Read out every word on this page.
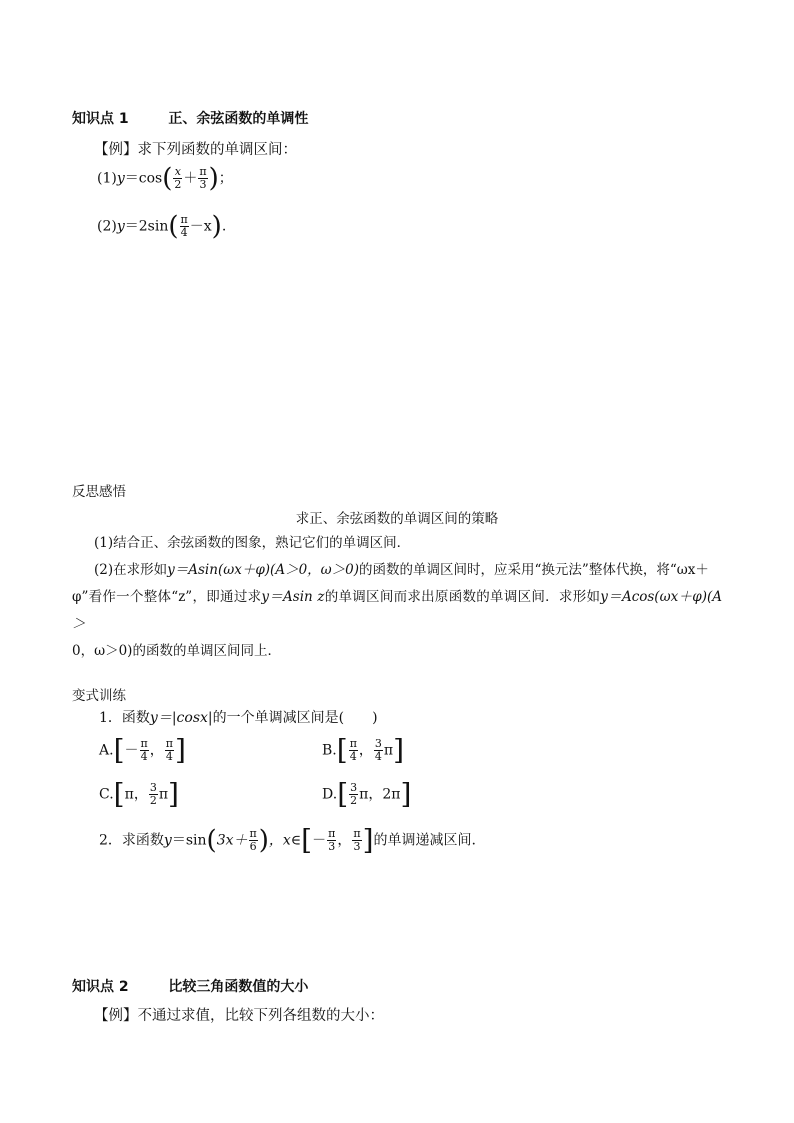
知识点 1	正、余弦函数的单调性
【例】求下列函数的单调区间：
$(1)y=\cos( \frac{x}{2} + \frac{\pi}{3}$ )；
$(2)y=2\sin( \frac{\pi}{4} -x)$.
反思感悟
求正、余弦函数的单调区间的策略

(1)结合正、余弦函数的图象，熟记它们的单调区间．

(2)在求形如y＝Asin(ωx＋φ)(A＞0，ω＞0)的函数的单调区间时，应采用“换元法”整体代换，将“ωx＋

φ”看作一个整体“z”，即通过求y＝Asin z的单调区间而求出原函数的单调区间．求形如y＝Acos(ωx＋φ)(A＞

0，ω＞0)的函数的单调区间同上．

变式训练
1．函数y＝|cosx|的一个单调减区间是(　　)
$A.[- \frac{\pi}{4}$ ， $\frac{\pi}{4}$ ]	$B.[ \frac{\pi}{4}$ ， $\frac{3}{4} \pi$]
C.[π， $\frac{3}{2} \pi$]	$D.[ \frac{3}{2}$ π，2π]
2．求函数$y=\sin(3x+ \frac{\pi}{6}$ )，x∈[－ $\frac{\pi}{3}$ ， $\frac{\pi}{3}$ ]的单调递减区间.
知识点 2	比较三角函数值的大小
【例】不通过求值，比较下列各组数的大小：
